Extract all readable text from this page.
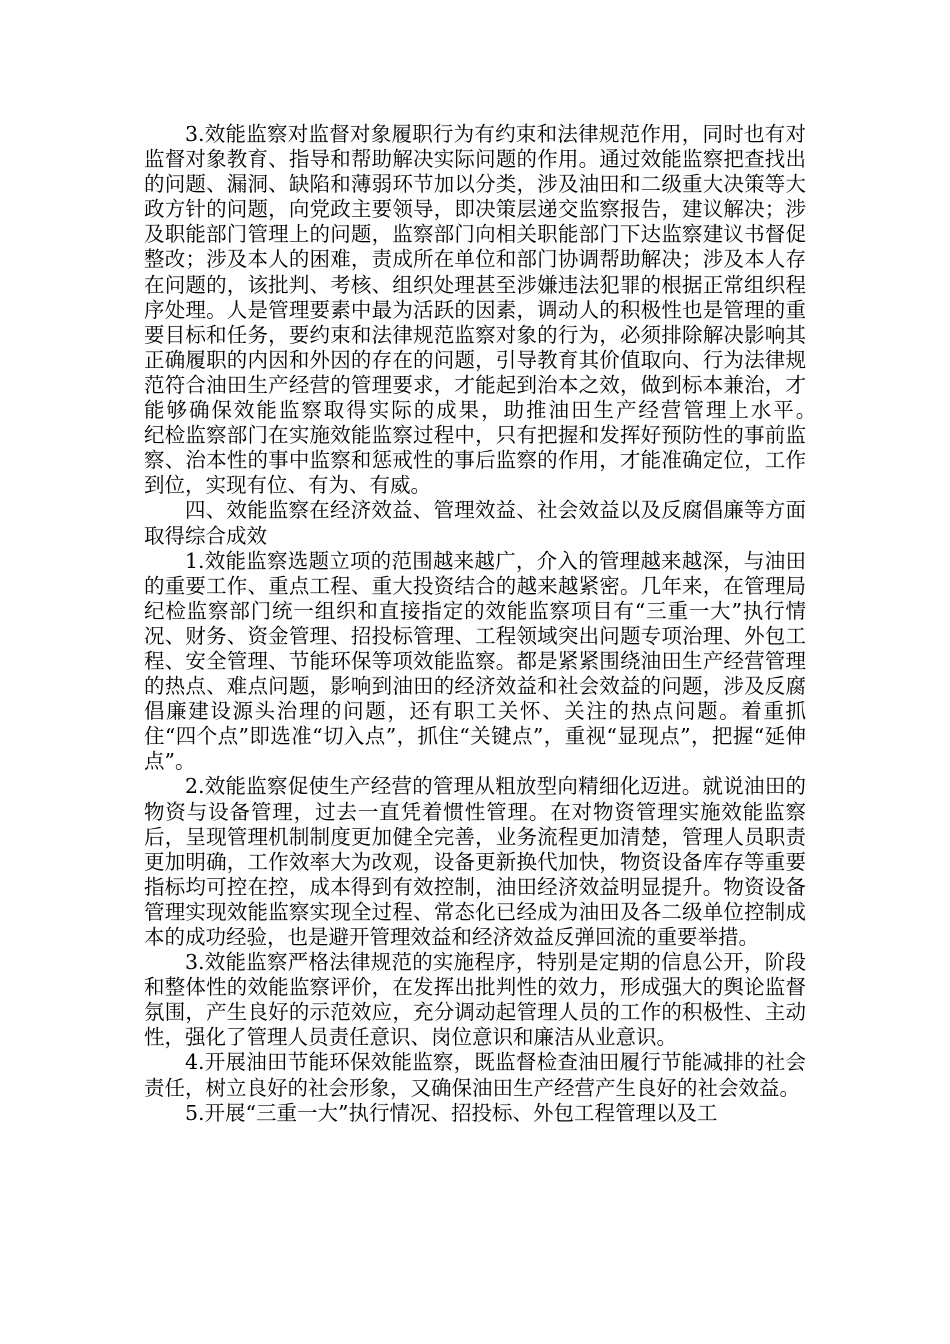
3.效能监察对监督对象履职行为有约束和法律规范作用，同时也有对监督对象教育、指导和帮助解决实际问题的作用。通过效能监察把查找出的问题、漏洞、缺陷和薄弱环节加以分类，涉及油田和二级重大决策等大政方针的问题，向党政主要领导，即决策层递交监察报告，建议解决；涉及职能部门管理上的问题，监察部门向相关职能部门下达监察建议书督促整改；涉及本人的困难，责成所在单位和部门协调帮助解决；涉及本人存在问题的，该批判、考核、组织处理甚至涉嫌违法犯罪的根据正常组织程序处理。人是管理要素中最为活跃的因素，调动人的积极性也是管理的重要目标和任务，要约束和法律规范监察对象的行为，必须排除解决影响其正确履职的内因和外因的存在的问题，引导教育其价值取向、行为法律规范符合油田生产经营的管理要求，才能起到治本之效，做到标本兼治，才能够确保效能监察取得实际的成果，助推油田生产经营管理上水平。　　　纪检监察部门在实施效能监察过程中，只有把握和发挥好预防性的事前监察、治本性的事中监察和惩戒性的事后监察的作用，才能准确定位，工作到位，实现有位、有为、有威。

四、效能监察在经济效益、管理效益、社会效益以及反腐倡廉等方面取得综合成效

1.效能监察选题立项的范围越来越广，介入的管理越来越深，与油田的重要工作、重点工程、重大投资结合的越来越紧密。几年来，在管理局纪检监察部门统一组织和直接指定的效能监察项目有“三重一大”执行情况、财务、资金管理、招投标管理、工程领域突出问题专项治理、外包工程、安全管理、节能环保等项效能监察。都是紧紧围绕油田生产经营管理的热点、难点问题，影响到油田的经济效益和社会效益的问题，涉及反腐倡廉建设源头治理的问题，还有职工关怀、关注的热点问题。着重抓住“四个点”即选准“切入点”，抓住“关键点”，重视“显现点”，把握“延伸点”。

2.效能监察促使生产经营的管理从粗放型向精细化迈进。就说油田的物资与设备管理，过去一直凭着惯性管理。在对物资管理实施效能监察后，呈现管理机制制度更加健全完善，业务流程更加清楚，管理人员职责更加明确，工作效率大为改观，设备更新换代加快，物资设备库存等重要指标均可控在控，成本得到有效控制，油田经济效益明显提升。物资设备管理实现效能监察实现全过程、常态化已经成为油田及各二级单位控制成本的成功经验，也是避开管理效益和经济效益反弹回流的重要举措。

3.效能监察严格法律规范的实施程序，特别是定期的信息公开，阶段和整体性的效能监察评价，在发挥出批判性的效力，形成强大的舆论监督氛围，产生良好的示范效应，充分调动起管理人员的工作的积极性、主动性，强化了管理人员责任意识、岗位意识和廉洁从业意识。

4.开展油田节能环保效能监察，既监督检查油田履行节能减排的社会责任，树立良好的社会形象，又确保油田生产经营产生良好的社会效益。

5.开展“三重一大”执行情况、招投标、外包工程管理以及工
